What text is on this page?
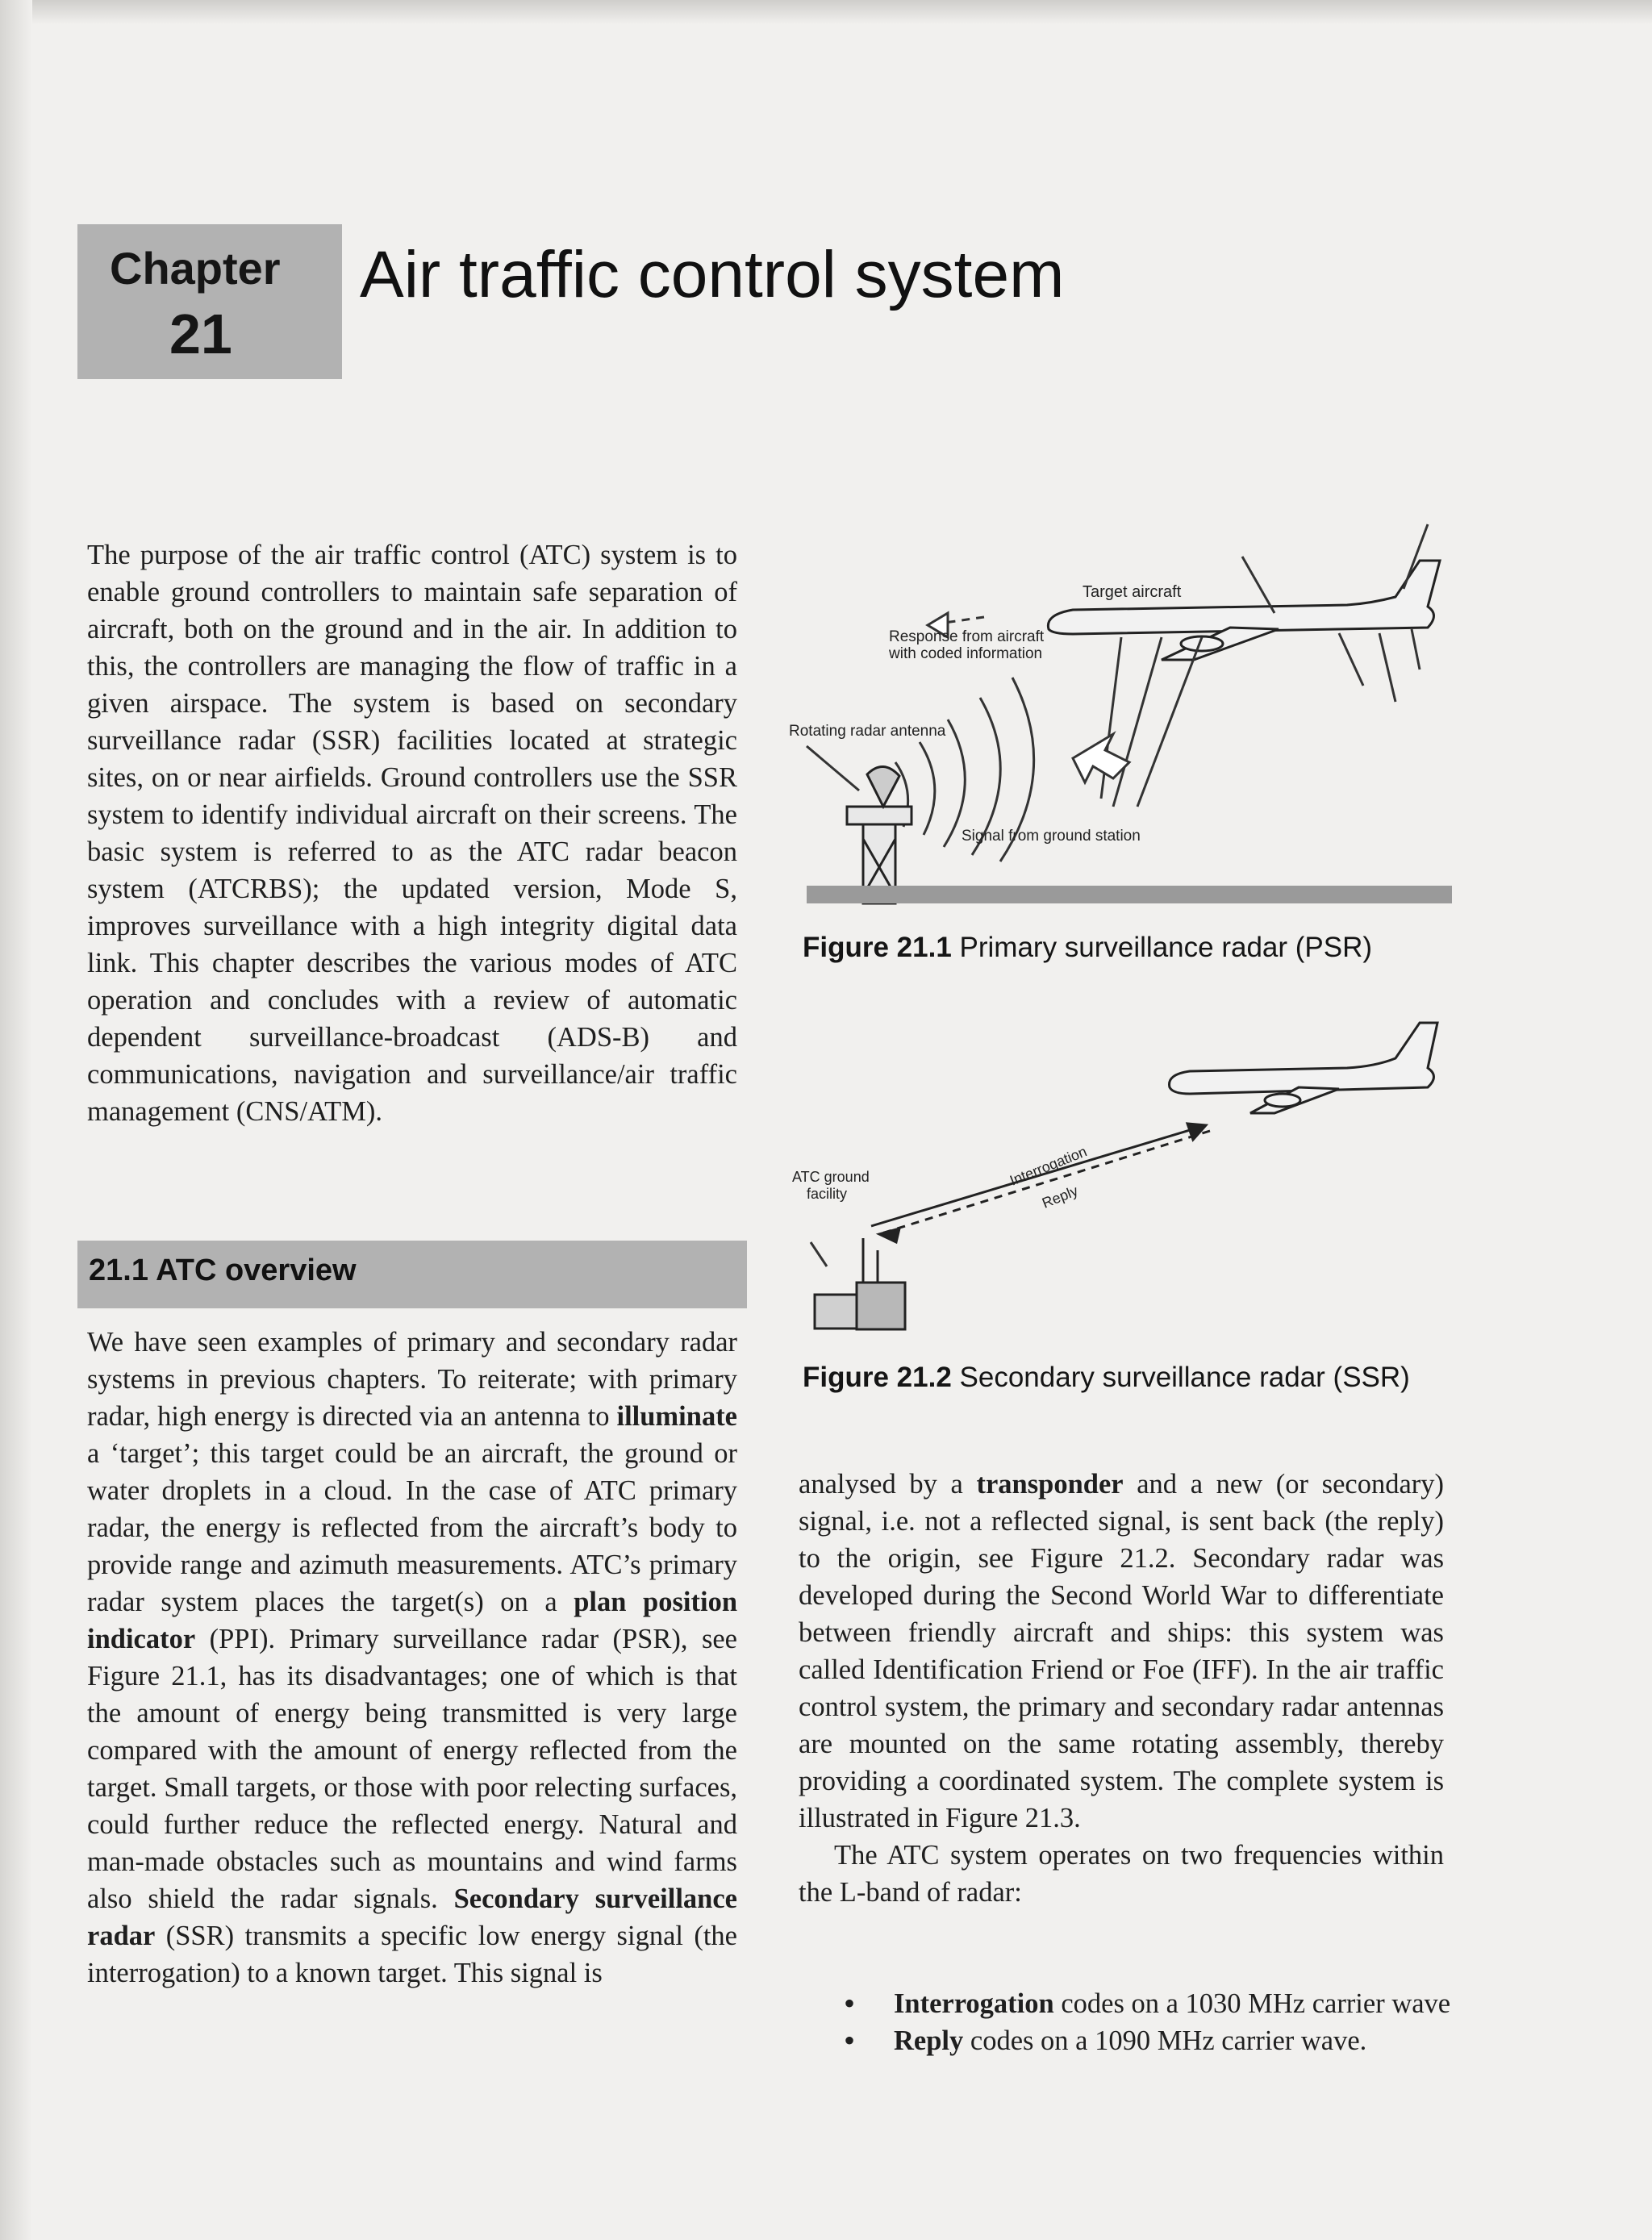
Chapter
21
Air traffic control system

The purpose of the air traffic control (ATC) system is to enable ground controllers to maintain safe separation of aircraft, both on the ground and in the air. In addition to this, the controllers are managing the flow of traffic in a given airspace. The system is based on secondary surveillance radar (SSR) facilities located at strategic sites, on or near airfields. Ground controllers use the SSR system to identify individual aircraft on their screens. The basic system is referred to as the ATC radar beacon system (ATCRBS); the updated version, Mode S, improves surveillance with a high integrity digital data link. This chapter describes the various modes of ATC operation and concludes with a review of automatic dependent surveillance-broadcast (ADS-B) and communications, navigation and surveillance/air traffic management (CNS/ATM).

21.1 ATC overview

We have seen examples of primary and secondary radar systems in previous chapters. To reiterate; with primary radar, high energy is directed via an antenna to illuminate a ‘target’; this target could be an aircraft, the ground or water droplets in a cloud. In the case of ATC primary radar, the energy is reflected from the aircraft’s body to provide range and azimuth measurements. ATC’s primary radar system places the target(s) on a plan position indicator (PPI). Primary surveillance radar (PSR), see Figure 21.1, has its disadvantages; one of which is that the amount of energy being transmitted is very large compared with the amount of energy reflected from the target. Small targets, or those with poor relecting surfaces, could further reduce the reflected energy. Natural and man-made obstacles such as mountains and wind farms also shield the radar signals. Secondary surveillance radar (SSR) transmits a specific low energy signal (the interrogation) to a known target. This signal is

Target aircraft
Response from aircraft
with coded information
Rotating radar antenna
Signal from ground station
Figure 21.1 Primary surveillance radar (PSR)
ATC ground
facility
Interrogation
Reply
Figure 21.2 Secondary surveillance radar (SSR)

analysed by a transponder and a new (or secondary) signal, i.e. not a reflected signal, is sent back (the reply) to the origin, see Figure 21.2. Secondary radar was developed during the Second World War to differentiate between friendly aircraft and ships: this system was called Identification Friend or Foe (IFF). In the air traffic control system, the primary and secondary radar antennas are mounted on the same rotating assembly, thereby providing a coordinated system. The complete system is illustrated in Figure 21.3.

The ATC system operates on two frequencies within the L-band of radar:

• Interrogation codes on a 1030 MHz carrier wave
• Reply codes on a 1090 MHz carrier wave.
